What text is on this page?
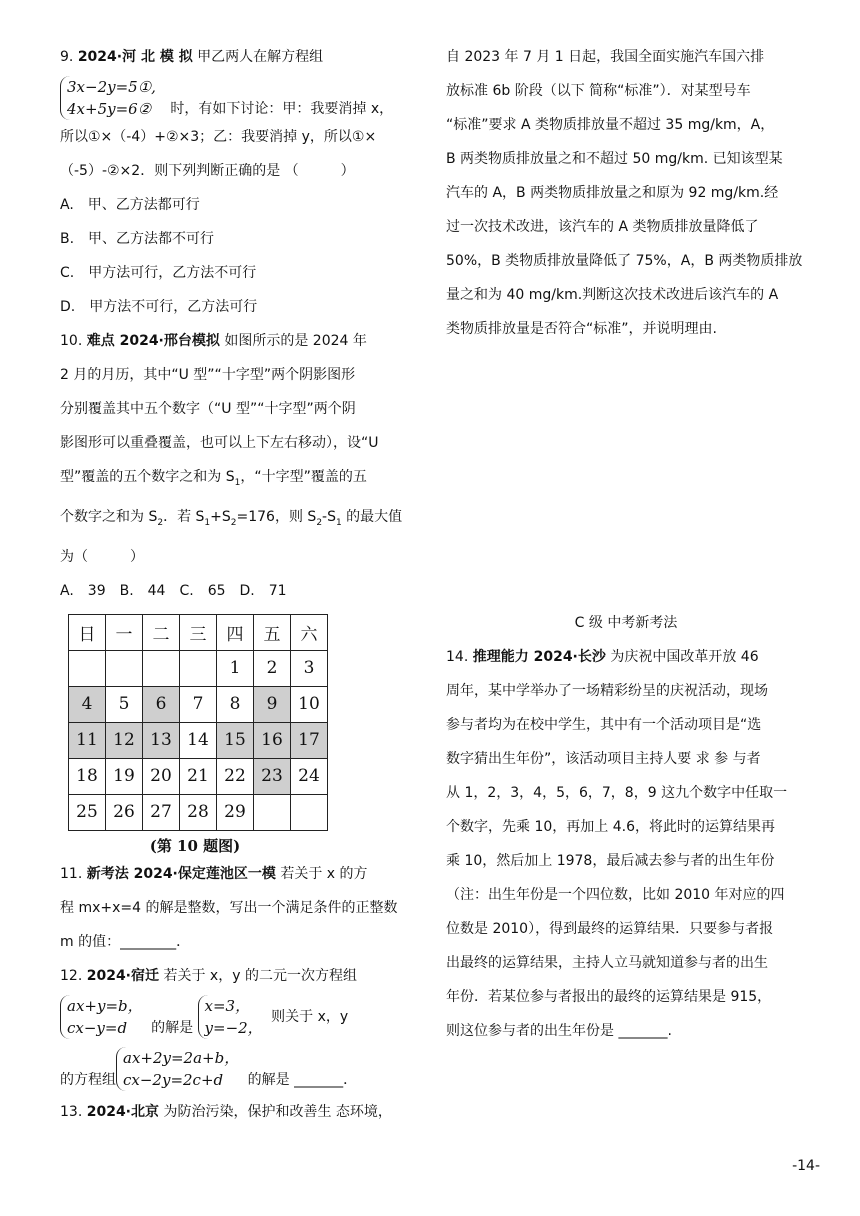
9. 2024·河 北 模 拟 甲乙两人在解方程组

3x−2y=5①,
4x+5y=6②	时，有如下讨论：甲：我要消掉 x，

所以①×（-4）+②×3；乙：我要消掉 y，所以①×

（-5）-②×2．则下列判断正确的是 （　　　）

A.　甲、乙方法都可行

B.　甲、乙方法都不可行

C.　甲方法可行，乙方法不可行

D.　甲方法不可行，乙方法可行

10. 难点 2024·邢台模拟 如图所示的是 2024 年

2 月的月历，其中“U 型”“十字型”两个阴影图形

分别覆盖其中五个数字（“U 型”“十字型”两个阴

影图形可以重叠覆盖，也可以上下左右移动），设“U

型”覆盖的五个数字之和为 $S_1$，“十字型”覆盖的五

个数字之和为 $S_2$．若 $S_1+S_2=176$，则 $S_2-S_1$ 的最大值

为（　　　）

A.　39　B.　44　C.　65　D.　71

日	一	二	三	四	五	六
				1	2	3
4	5	6	7	8	9	10
11	12	13	14	15	16	17
18	19	20	21	22	23	24
25	26	27	28	29		
(第 10 题图)

11. 新考法 2024·保定莲池区一模 若关于 x 的方

程 mx+x=4 的解是整数，写出一个满足条件的正整数

m 的值：________．

12. 2024·宿迁 若关于 x，y 的二元一次方程组

ax+y=b，
cx−y=d	的解是
x=3，
y=−2，
则关于 x，y
的方程组
ax+2y=2a+b，
cx−2y=2c+d	的解是 _______．

13. 2024·北京 为防治污染，保护和改善生 态环境，

自 2023 年 7 月 1 日起，我国全面实施汽车国六排

放标准 6b 阶段（以下 简称“标准”）．对某型号车

“标准”要求 A 类物质排放量不超过 35 mg/km，A，

B 两类物质排放量之和不超过 50 mg/km. 已知该型某

汽车的 A，B 两类物质排放量之和原为 92 mg/km.经

过一次技术改进，该汽车的 A 类物质排放量降低了

50%，B 类物质排放量降低了 75%，A，B 两类物质排放

量之和为 40 mg/km.判断这次技术改进后该汽车的 A

类物质排放量是否符合“标准”，并说明理由.

C 级 中考新考法

14. 推理能力 2024·长沙 为庆祝中国改革开放 46

周年，某中学举办了一场精彩纷呈的庆祝活动，现场

参与者均为在校中学生，其中有一个活动项目是“选

数字猜出生年份”，该活动项目主持人要 求 参 与者

从 1，2，3，4，5，6，7，8，9 这九个数字中任取一

个数字，先乘 10，再加上 4.6，将此时的运算结果再

乘 10，然后加上 1978，最后减去参与者的出生年份

（注：出生年份是一个四位数，比如 2010 年对应的四

位数是 2010），得到最终的运算结果．只要参与者报

出最终的运算结果，主持人立马就知道参与者的出生

年份．若某位参与者报出的最终的运算结果是 915，

则这位参与者的出生年份是 _______.

-14-
